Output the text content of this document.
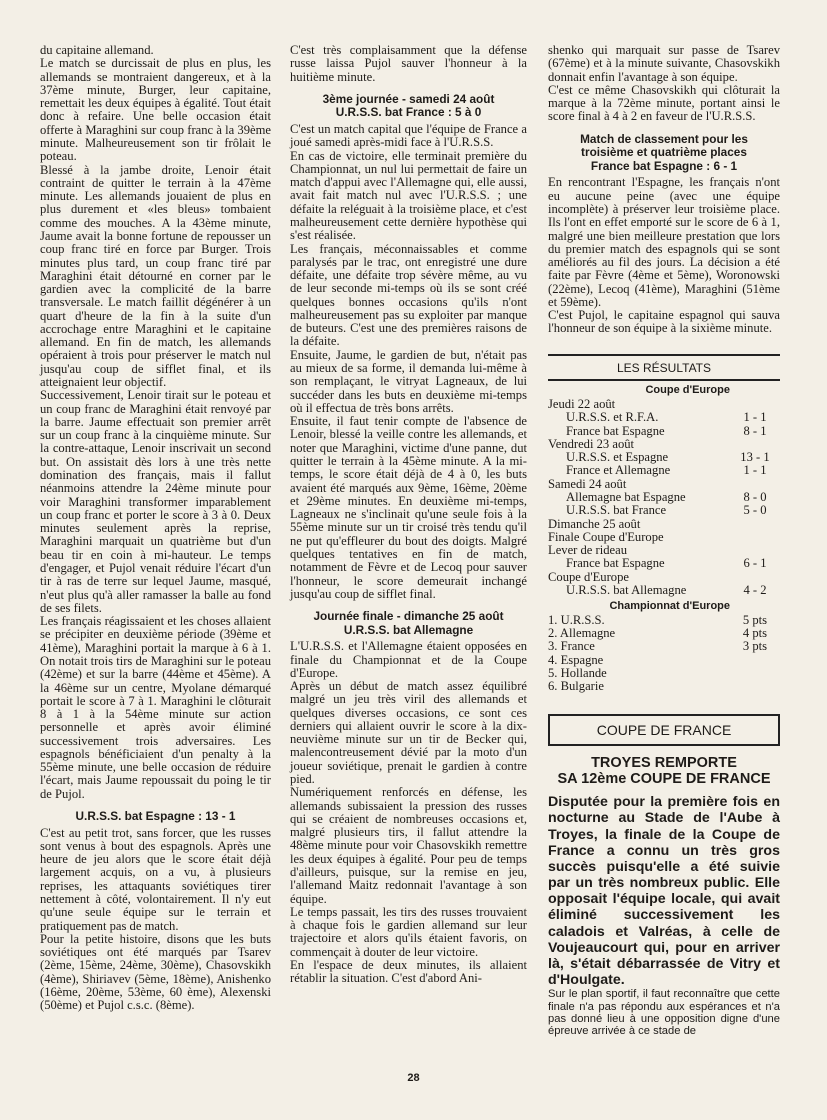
du capitaine allemand.

Le match se durcissait de plus en plus, les allemands se montraient dangereux, et à la 37ème minute, Burger, leur capitaine, remettait les deux équipes à égalité. Tout était donc à refaire. Une belle occasion était offerte à Maraghini sur coup franc à la 39ème minute. Malheureusement son tir frôlait le poteau.

Blessé à la jambe droite, Lenoir était contraint de quitter le terrain à la 47ème minute. Les allemands jouaient de plus en plus durement et «les bleus» tombaient comme des mouches. A la 43ème minute, Jaume avait la bonne fortune de repousser un coup franc tiré en force par Burger. Trois minutes plus tard, un coup franc tiré par Maraghini était détourné en corner par le gardien avec la complicité de la barre transversale. Le match faillit dégénérer à un quart d'heure de la fin à la suite d'un accrochage entre Maraghini et le capitaine allemand. En fin de match, les allemands opéraient à trois pour préserver le match nul jusqu'au coup de sifflet final, et ils atteignaient leur objectif.

Successivement, Lenoir tirait sur le poteau et un coup franc de Maraghini était renvoyé par la barre. Jaume effectuait son premier arrêt sur un coup franc à la cinquième minute. Sur la contre-attaque, Lenoir inscrivait un second but. On assistait dès lors à une très nette domination des français, mais il fallut néanmoins attendre la 24ème minute pour voir Maraghini transformer imparablement un coup franc et porter le score à 3 à 0. Deux minutes seulement après la reprise, Maraghini marquait un quatrième but d'un beau tir en coin à mi-hauteur. Le temps d'engager, et Pujol venait réduire l'écart d'un tir à ras de terre sur lequel Jaume, masqué, n'eut plus qu'à aller ramasser la balle au fond de ses filets.

Les français réagissaient et les choses allaient se précipiter en deuxième période (39ème et 41ème), Maraghini portait la marque à 6 à 1. On notait trois tirs de Maraghini sur le poteau (42ème) et sur la barre (44ème et 45ème). A la 46ème sur un centre, Myolane démarqué portait le score à 7 à 1. Maraghini le clôturait 8 à 1 à la 54ème minute sur action personnelle et après avoir éliminé successivement trois adversaires. Les espagnols bénéficiaient d'un penalty à la 55ème minute, une belle occasion de réduire l'écart, mais Jaume repoussait du poing le tir de Pujol.

U.R.S.S. bat Espagne : 13 - 1

C'est au petit trot, sans forcer, que les russes sont venus à bout des espagnols. Après une heure de jeu alors que le score était déjà largement acquis, on a vu, à plusieurs reprises, les attaquants soviétiques tirer nettement à côté, volontairement. Il n'y eut qu'une seule équipe sur le terrain et pratiquement pas de match.

Pour la petite histoire, disons que les buts soviétiques ont été marqués par Tsarev (2ème, 15ème, 24ème, 30ème), Chasovskikh (4ème), Shiriavev (5ème, 18ème), Anishenko (16ème, 20ème, 53ème, 60 ème), Alexenski (50ème) et Pujol c.s.c. (8ème).

C'est très complaisamment que la défense russe laissa Pujol sauver l'honneur à la huitième minute.

3ème journée - samedi 24 août
U.R.S.S. bat France : 5 à 0

C'est un match capital que l'équipe de France a joué samedi après-midi face à l'U.R.S.S.

En cas de victoire, elle terminait première du Championnat, un nul lui permettait de faire un match d'appui avec l'Allemagne qui, elle aussi, avait fait match nul avec l'U.R.S.S. ; une défaite la reléguait à la troisième place, et c'est malheureusement cette dernière hypothèse qui s'est réalisée.

Les français, méconnaissables et comme paralysés par le trac, ont enregistré une dure défaite, une défaite trop sévère même, au vu de leur seconde mi-temps où ils se sont créé quelques bonnes occasions qu'ils n'ont malheureusement pas su exploiter par manque de buteurs. C'est une des premières raisons de la défaite.

Ensuite, Jaume, le gardien de but, n'était pas au mieux de sa forme, il demanda lui-même à son remplaçant, le vitryat Lagneaux, de lui succéder dans les buts en deuxième mi-temps où il effectua de très bons arrêts.

Ensuite, il faut tenir compte de l'absence de Lenoir, blessé la veille contre les allemands, et noter que Maraghini, victime d'une panne, dut quitter le terrain à la 45ème minute. A la mi-temps, le score était déjà de 4 à 0, les buts avaient été marqués aux 9ème, 16ème, 20ème et 29ème minutes. En deuxième mi-temps, Lagneaux ne s'inclinait qu'une seule fois à la 55ème minute sur un tir croisé très tendu qu'il ne put qu'effleurer du bout des doigts. Malgré quelques tentatives en fin de match, notamment de Fèvre et de Lecoq pour sauver l'honneur, le score demeurait inchangé jusqu'au coup de sifflet final.

Journée finale - dimanche 25 août
U.R.S.S. bat Allemagne

L'U.R.S.S. et l'Allemagne étaient opposées en finale du Championnat et de la Coupe d'Europe.

Après un début de match assez équilibré malgré un jeu très viril des allemands et quelques diverses occasions, ce sont ces derniers qui allaient ouvrir le score à la dix-neuvième minute sur un tir de Becker qui, malencontreusement dévié par la moto d'un joueur soviétique, prenait le gardien à contre pied.

Numériquement renforcés en défense, les allemands subissaient la pression des russes qui se créaient de nombreuses occasions et, malgré plusieurs tirs, il fallut attendre la 48ème minute pour voir Chasovskikh remettre les deux équipes à égalité. Pour peu de temps d'ailleurs, puisque, sur la remise en jeu, l'allemand Maitz redonnait l'avantage à son équipe.

Le temps passait, les tirs des russes trouvaient à chaque fois le gardien allemand sur leur trajectoire et alors qu'ils étaient favoris, on commençait à douter de leur victoire.

En l'espace de deux minutes, ils allaient rétablir la situation. C'est d'abord Ani-

shenko qui marquait sur passe de Tsarev (67ème) et à la minute suivante, Chasovskikh donnait enfin l'avantage à son équipe.

C'est ce même Chasovskikh qui clôturait la marque à la 72ème minute, portant ainsi le score final à 4 à 2 en faveur de l'U.R.S.S.

Match de classement pour les
troisième et quatrième places
France bat Espagne : 6 - 1

En rencontrant l'Espagne, les français n'ont eu aucune peine (avec une équipe incomplète) à préserver leur troisième place. Ils l'ont en effet emporté sur le score de 6 à 1, malgré une bien meilleure prestation que lors du premier match des espagnols qui se sont améliorés au fil des jours. La décision a été faite par Fèvre (4ème et 5ème), Woronowski (22ème), Lecoq (41ème), Maraghini (51ème et 59ème).

C'est Pujol, le capitaine espagnol qui sauva l'honneur de son équipe à la sixième minute.

LES RÉSULTATS
Coupe d'Europe
Jeudi 22 août
U.R.S.S. et R.F.A.	1 - 1
France bat Espagne	8 - 1
Vendredi 23 août
U.R.S.S. et Espagne	13 - 1
France et Allemagne	1 - 1
Samedi 24 août
Allemagne bat Espagne	8 - 0
U.R.S.S. bat France	5 - 0
Dimanche 25 août
Finale Coupe d'Europe
Lever de rideau
France bat Espagne	6 - 1
Coupe d'Europe
U.R.S.S. bat Allemagne	4 - 2
Championnat d'Europe
1. U.R.S.S.	5 pts
2. Allemagne	4 pts
3. France	3 pts
4. Espagne
5. Hollande
6. Bulgarie
COUPE DE FRANCE
TROYES REMPORTE
SA 12ème COUPE DE FRANCE

Disputée pour la première fois en nocturne au Stade de l'Aube à Troyes, la finale de la Coupe de France a connu un très gros succès puisqu'elle a été suivie par un très nombreux public. Elle opposait l'équipe locale, qui avait éliminé successivement les caladois et Valréas, à celle de Voujeaucourt qui, pour en arriver là, s'était débarrassée de Vitry et d'Houlgate.

Sur le plan sportif, il faut reconnaître que cette finale n'a pas répondu aux espérances et n'a pas donné lieu à une opposition digne d'une épreuve arrivée à ce stade de

28
